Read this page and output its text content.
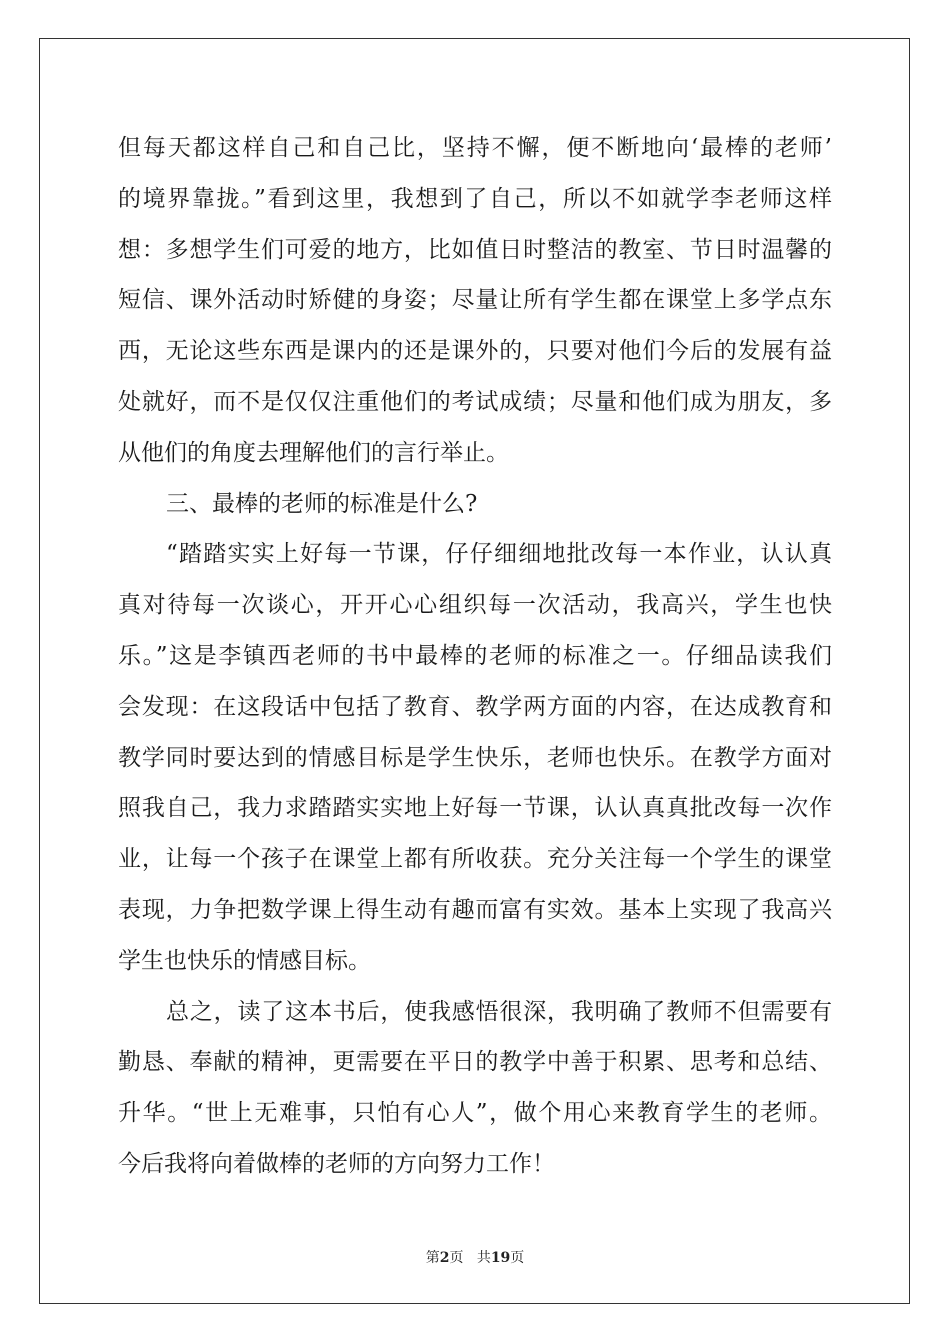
但每天都这样自己和自己比，坚持不懈，便不断地向‘最棒的老师’
的境界靠拢。”看到这里，我想到了自己，所以不如就学李老师这样
想：多想学生们可爱的地方，比如值日时整洁的教室、节日时温馨的
短信、课外活动时矫健的身姿；尽量让所有学生都在课堂上多学点东
西，无论这些东西是课内的还是课外的，只要对他们今后的发展有益
处就好，而不是仅仅注重他们的考试成绩；尽量和他们成为朋友，多
从他们的角度去理解他们的言行举止。
三、最棒的老师的标准是什么?
“踏踏实实上好每一节课，仔仔细细地批改每一本作业，认认真
真对待每一次谈心，开开心心组织每一次活动，我高兴，学生也快
乐。”这是李镇西老师的书中最棒的老师的标准之一。仔细品读我们
会发现：在这段话中包括了教育、教学两方面的内容，在达成教育和
教学同时要达到的情感目标是学生快乐，老师也快乐。在教学方面对
照我自己，我力求踏踏实实地上好每一节课，认认真真批改每一次作
业，让每一个孩子在课堂上都有所收获。充分关注每一个学生的课堂
表现，力争把数学课上得生动有趣而富有实效。基本上实现了我高兴
学生也快乐的情感目标。
总之，读了这本书后，使我感悟很深，我明确了教师不但需要有
勤恳、奉献的精神，更需要在平日的教学中善于积累、思考和总结、
升华。“世上无难事，只怕有心人”，做个用心来教育学生的老师。
今后我将向着做棒的老师的方向努力工作！
第2页 共19页
